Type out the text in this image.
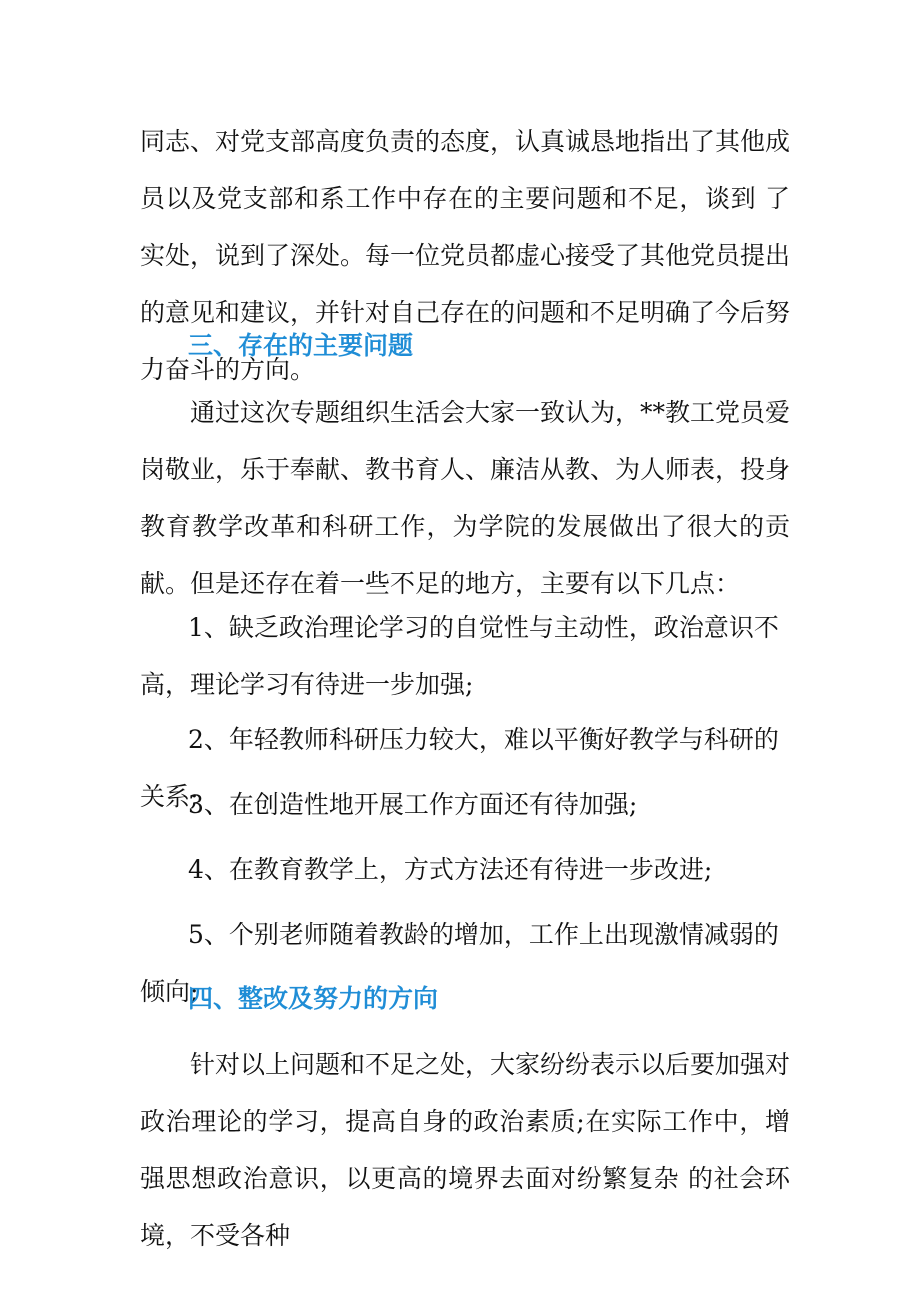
同志、对党支部高度负责的态度，认真诚恳地指出了其他成员以及党支部和系工作中存在的主要问题和不足，谈到 了实处，说到了深处。每一位党员都虚心接受了其他党员提出的意见和建议，并针对自己存在的问题和不足明确了今后努力奋斗的方向。

三、存在的主要问题

通过这次专题组织生活会大家一致认为，**教工党员爱岗敬业，乐于奉献、教书育人、廉洁从教、为人师表，投身教育教学改革和科研工作，为学院的发展做出了很大的贡献。但是还存在着一些不足的地方，主要有以下几点：

1、缺乏政治理论学习的自觉性与主动性，政治意识不高，理论学习有待进一步加强;

2、年轻教师科研压力较大，难以平衡好教学与科研的关系;

3、在创造性地开展工作方面还有待加强;

4、在教育教学上，方式方法还有待进一步改进;

5、个别老师随着教龄的增加，工作上出现激情减弱的倾向;

四、整改及努力的方向

针对以上问题和不足之处，大家纷纷表示以后要加强对政治理论的学习，提高自身的政治素质;在实际工作中，增强思想政治意识，以更高的境界去面对纷繁复杂 的社会环境，不受各种
